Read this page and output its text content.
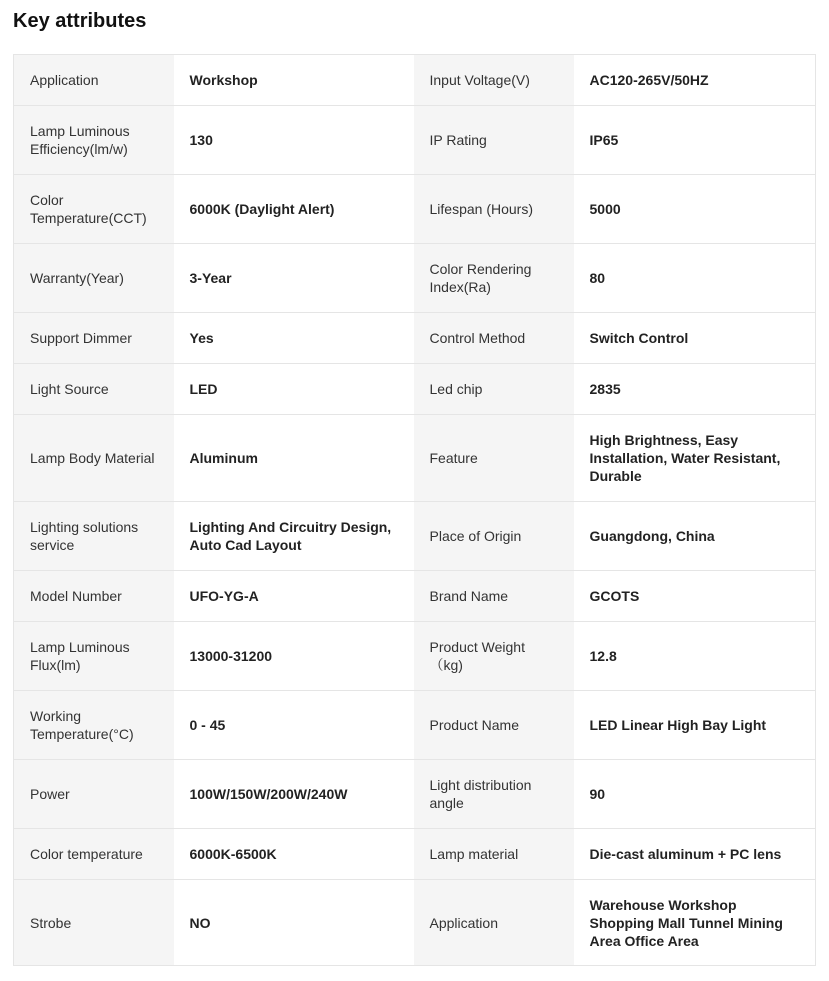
Key attributes
Application	Workshop	Input Voltage(V)	AC120-265V/50HZ
Lamp Luminous Efficiency(lm/w)	130	IP Rating	IP65
Color Temperature(CCT)	6000K (Daylight Alert)	Lifespan (Hours)	5000
Warranty(Year)	3-Year	Color Rendering Index(Ra)	80
Support Dimmer	Yes	Control Method	Switch Control
Light Source	LED	Led chip	2835
Lamp Body Material	Aluminum	Feature	High Brightness, Easy Installation, Water Resistant, Durable
Lighting solutions service	Lighting And Circuitry Design, Auto Cad Layout	Place of Origin	Guangdong, China
Model Number	UFO-YG-A	Brand Name	GCOTS
Lamp Luminous Flux(lm)	13000-31200	Product Weight （kg)	12.8
Working Temperature(°C)	0 - 45	Product Name	LED Linear High Bay Light
Power	100W/150W/200W/240W	Light distribution angle	90
Color temperature	6000K-6500K	Lamp material	Die-cast aluminum + PC lens
Strobe	NO	Application	Warehouse Workshop Shopping Mall Tunnel Mining Area Office Area
